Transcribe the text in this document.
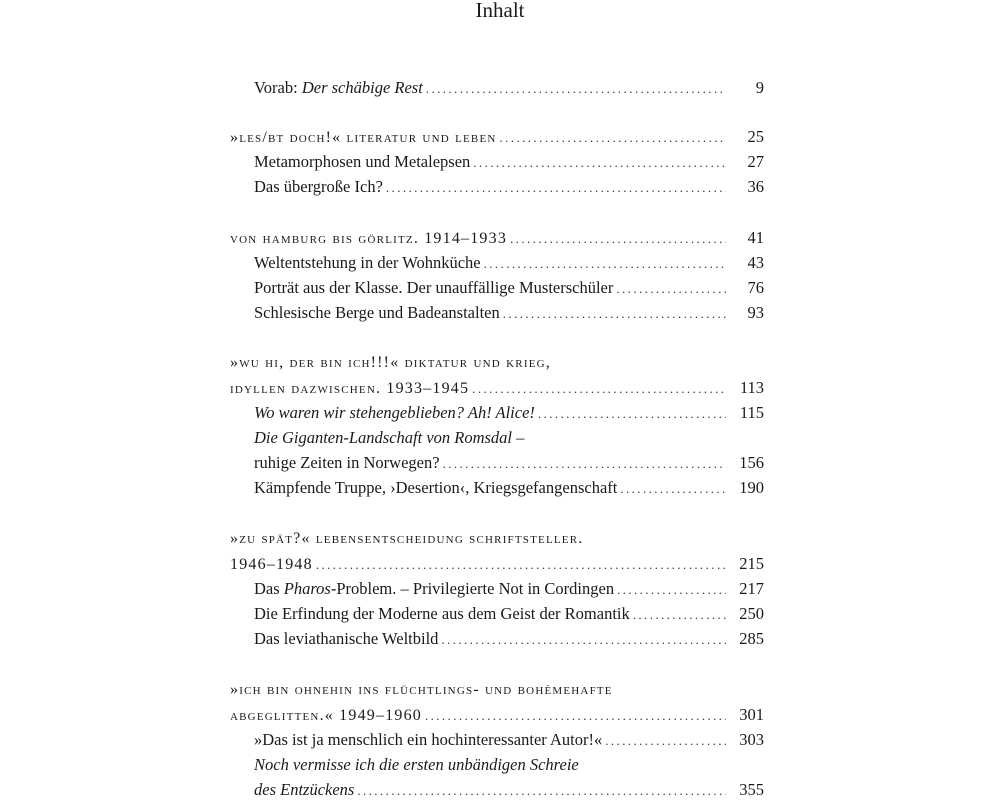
Inhalt
Vorab: Der schäbige Rest .....	9
»les/bt doch!« literatur und leben .....	25
Metamorphosen und Metalepsen .....	27
Das übergroße Ich? .....	36
von hamburg bis görlitz. 1914–1933 .....	41
Weltentstehung in der Wohnküche .....	43
Porträt aus der Klasse. Der unauffällige Musterschüler .....	76
Schlesische Berge und Badeanstalten .....	93
»wu hi, der bin ich!!!« diktatur und krieg,
idyllen dazwischen. 1933–1945 .....	113
Wo waren wir stehengeblieben? Ah! Alice! .....	115
Die Giganten-Landschaft von Romsdal –
ruhige Zeiten in Norwegen? .....	156
Kämpfende Truppe, ›Desertion‹, Kriegsgefangenschaft .....	190
»zu spät?« lebensentscheidung schriftsteller.
1946–1948 .....	215
Das Pharos-Problem. – Privilegierte Not in Cordingen .....	217
Die Erfindung der Moderne aus dem Geist der Romantik .....	250
Das leviathanische Weltbild .....	285
»ich bin ohnehin ins flüchtlings- und bohèmehafte
abgeglitten.« 1949–1960 .....	301
»Das ist ja menschlich ein hochinteressanter Autor!« .....	303
Noch vermisse ich die ersten unbändigen Schreie
des Entzückens .....	355
